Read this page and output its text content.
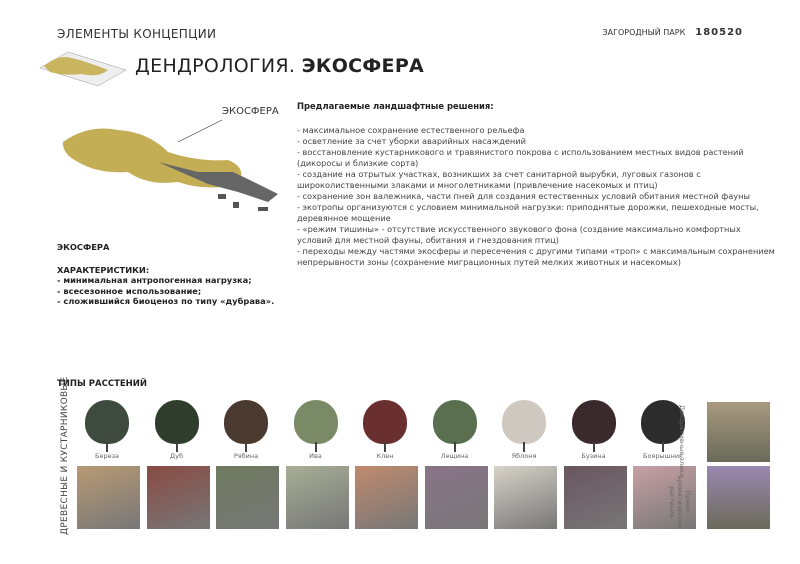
ЭЛЕМЕНТЫ КОНЦЕПЦИИ	ЗАГОРОДНЫЙ ПАРК 180520
ДЕНДРОЛОГИЯ. ЭКОСФЕРА
ЭКОСФЕРА Предлагаемые ландшафтные решения:
- максимальное сохранение естественного рельефа
- осветление за счет уборки аварийных насаждений
- восстановление кустарникового и травянистого покрова с использованием местных видов растений (дикоросы и близкие сорта)
- создание на отрытых участках, возникших за счет санитарной вырубки, луговых газонов с широколиственными злаками и многолетниками (привлечение насекомых и птиц)
- сохранение зон валежника, части пней для создания естественных условий обитания местной фауны
- экотропы организуются с условием минимальной нагрузки: приподнятые дорожки, пешеходные мосты, деревянное мощение
- «режим тишины» - отсутствие искусственного звукового фона (создание максимально комфортных условий для местной фауны, обитания и гнездования птиц)
- переходы между частями экосферы и пересечения с другими типами «троп» с максимальным сохранением непрерывности зоны (сохранение миграционных путей мелких животных и насекомых)
ЭКОСФЕРА
ХАРАКТЕРИСТИКИ:
- минимальная антропогенная нагрузка;
- всесезонное использование;
- сложившийся биоценоз по типу «дубрава».
ТИПЫ РАССТЕНИЙ
ДРЕВЕСНЫЕ И КУСТАРНИКОВЫЕ	Береза	Дуб	Рябина	Ива	Клен	Лещина	Яблоня	Бузина	Боярышник
Декоративные злаки
Пряно-ароматические растения
